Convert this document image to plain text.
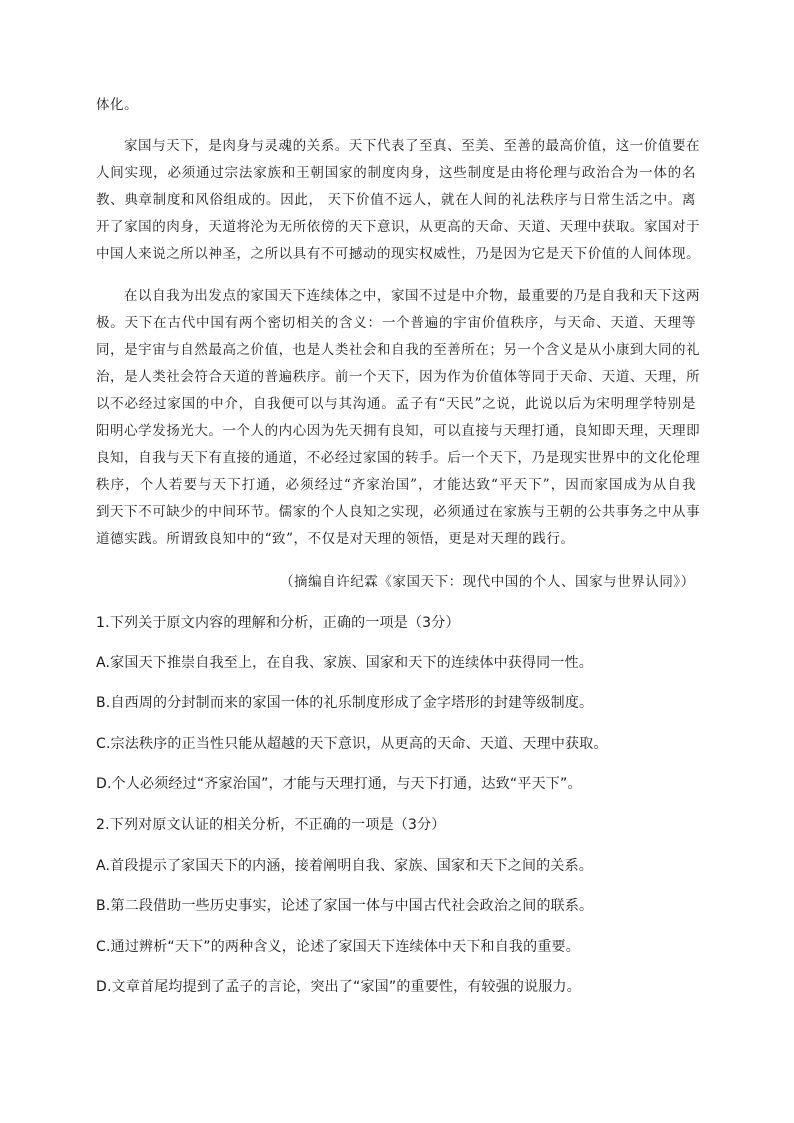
体化。
家国与天下，是肉身与灵魂的关系。天下代表了至真、至美、至善的最高价值，这一价值要在
人间实现，必须通过宗法家族和王朝国家的制度肉身，这些制度是由将伦理与政治合为一体的名
教、典章制度和风俗组成的。因此， 天下价值不远人，就在人间的礼法秩序与日常生活之中。离
开了家国的肉身，天道将沦为无所依傍的天下意识，从更高的天命、天道、天理中获取。家国对于
中国人来说之所以神圣，之所以具有不可撼动的现实权威性，乃是因为它是天下价值的人间体现。
在以自我为出发点的家国天下连续体之中，家国不过是中介物，最重要的乃是自我和天下这两
极。天下在古代中国有两个密切相关的含义：一个普遍的宇宙价值秩序，与天命、天道、天理等
同，是宇宙与自然最高之价值，也是人类社会和自我的至善所在；另一个含义是从小康到大同的礼
治，是人类社会符合天道的普遍秩序。前一个天下，因为作为价值体等同于天命、天道、天理，所
以不必经过家国的中介，自我便可以与其沟通。孟子有“天民”之说，此说以后为宋明理学特别是
阳明心学发扬光大。一个人的内心因为先天拥有良知，可以直接与天理打通，良知即天理，天理即
良知，自我与天下有直接的通道，不必经过家国的转手。后一个天下，乃是现实世界中的文化伦理
秩序，个人若要与天下打通，必须经过“齐家治国”，才能达致“平天下”，因而家国成为从自我
到天下不可缺少的中间环节。儒家的个人良知之实现，必须通过在家族与王朝的公共事务之中从事
道德实践。所谓致良知中的“致”，不仅是对天理的领悟，更是对天理的践行。
（摘编自许纪霖《家国天下：现代中国的个人、国家与世界认同》）
1.下列关于原文内容的理解和分析，正确的一项是（3分）
A.家国天下推崇自我至上，在自我、家族、国家和天下的连续体中获得同一性。
B.自西周的分封制而来的家国一体的礼乐制度形成了金字塔形的封建等级制度。
C.宗法秩序的正当性只能从超越的天下意识，从更高的天命、天道、天理中获取。
D.个人必须经过“齐家治国”，才能与天理打通，与天下打通，达致“平天下”。
2.下列对原文认证的相关分析，不正确的一项是（3分）
A.首段提示了家国天下的内涵，接着阐明自我、家族、国家和天下之间的关系。
B.第二段借助一些历史事实，论述了家国一体与中国古代社会政治之间的联系。
C.通过辨析“天下”的两种含义，论述了家国天下连续体中天下和自我的重要。
D.文章首尾均提到了孟子的言论，突出了“家国”的重要性，有较强的说服力。
